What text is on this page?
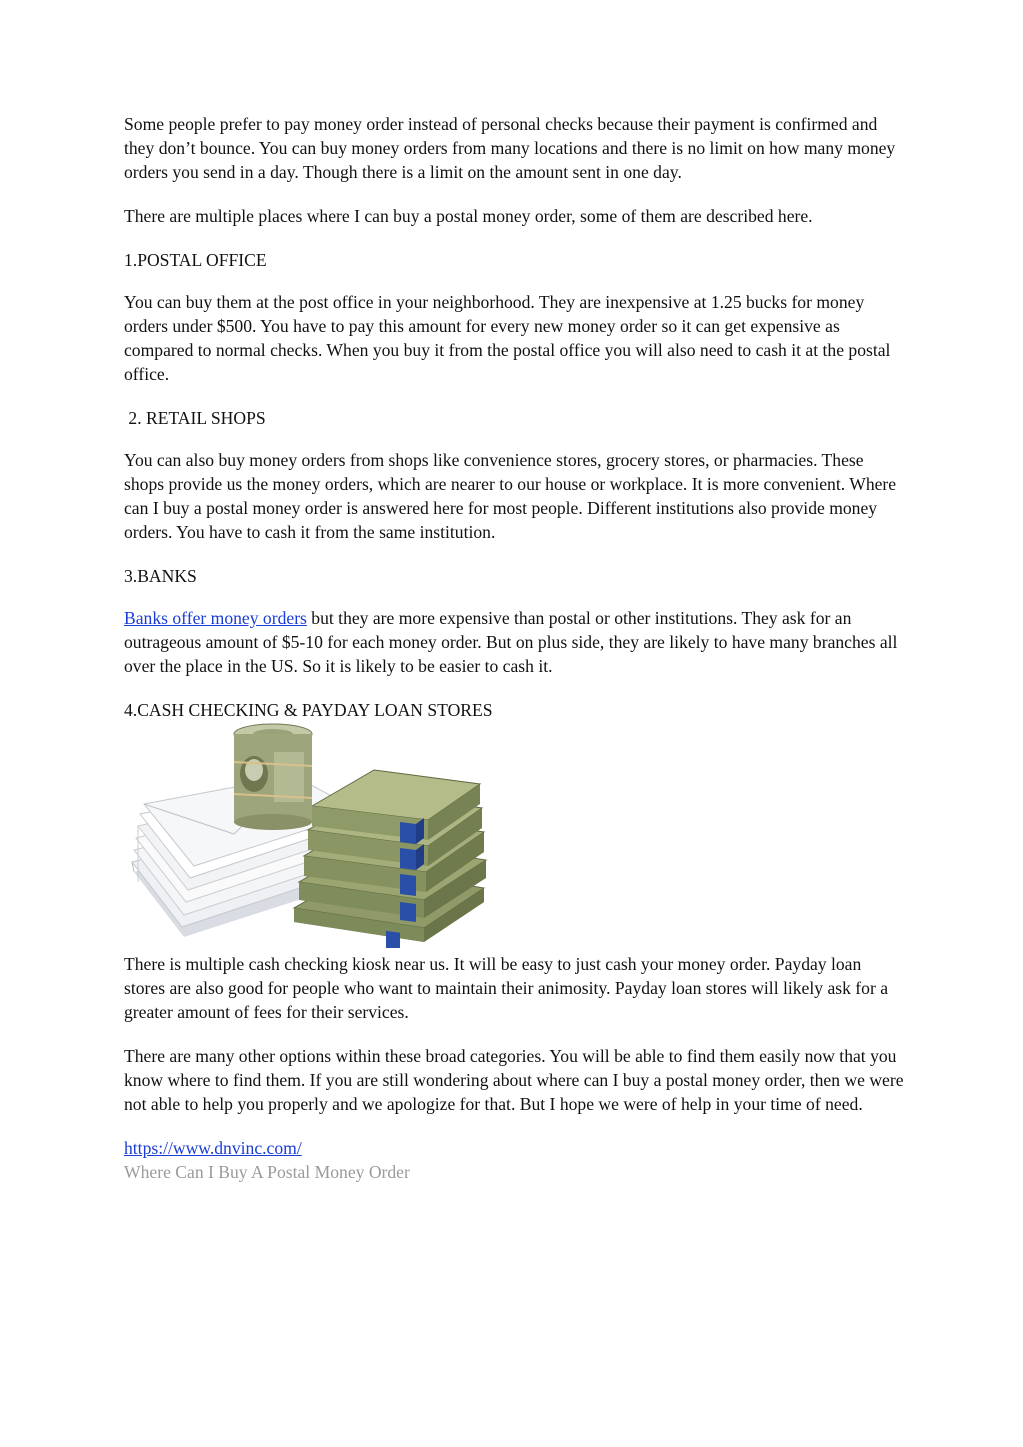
Some people prefer to pay money order instead of personal checks because their payment is confirmed and they don’t bounce. You can buy money orders from many locations and there is no limit on how many money orders you send in a day. Though there is a limit on the amount sent in one day.

There are multiple places where I can buy a postal money order, some of them are described here.

1.POSTAL OFFICE

You can buy them at the post office in your neighborhood. They are inexpensive at 1.25 bucks for money orders under $500. You have to pay this amount for every new money order so it can get expensive as compared to normal checks. When you buy it from the postal office you will also need to cash it at the postal office.

2. RETAIL SHOPS

You can also buy money orders from shops like convenience stores, grocery stores, or pharmacies. These shops provide us the money orders, which are nearer to our house or workplace. It is more convenient. Where can I buy a postal money order is answered here for most people. Different institutions also provide money orders. You have to cash it from the same institution.

3.BANKS

Banks offer money orders but they are more expensive than postal or other institutions. They ask for an outrageous amount of $5-10 for each money order. But on plus side, they are likely to have many branches all over the place in the US. So it is likely to be easier to cash it.

4.CASH CHECKING & PAYDAY LOAN STORES

There is multiple cash checking kiosk near us. It will be easy to just cash your money order. Payday loan stores are also good for people who want to maintain their animosity. Payday loan stores will likely ask for a greater amount of fees for their services.

There are many other options within these broad categories. You will be able to find them easily now that you know where to find them. If you are still wondering about where can I buy a postal money order, then we were not able to help you properly and we apologize for that. But I hope we were of help in your time of need.

https://www.dnvinc.com/
Where Can I Buy A Postal Money Order
